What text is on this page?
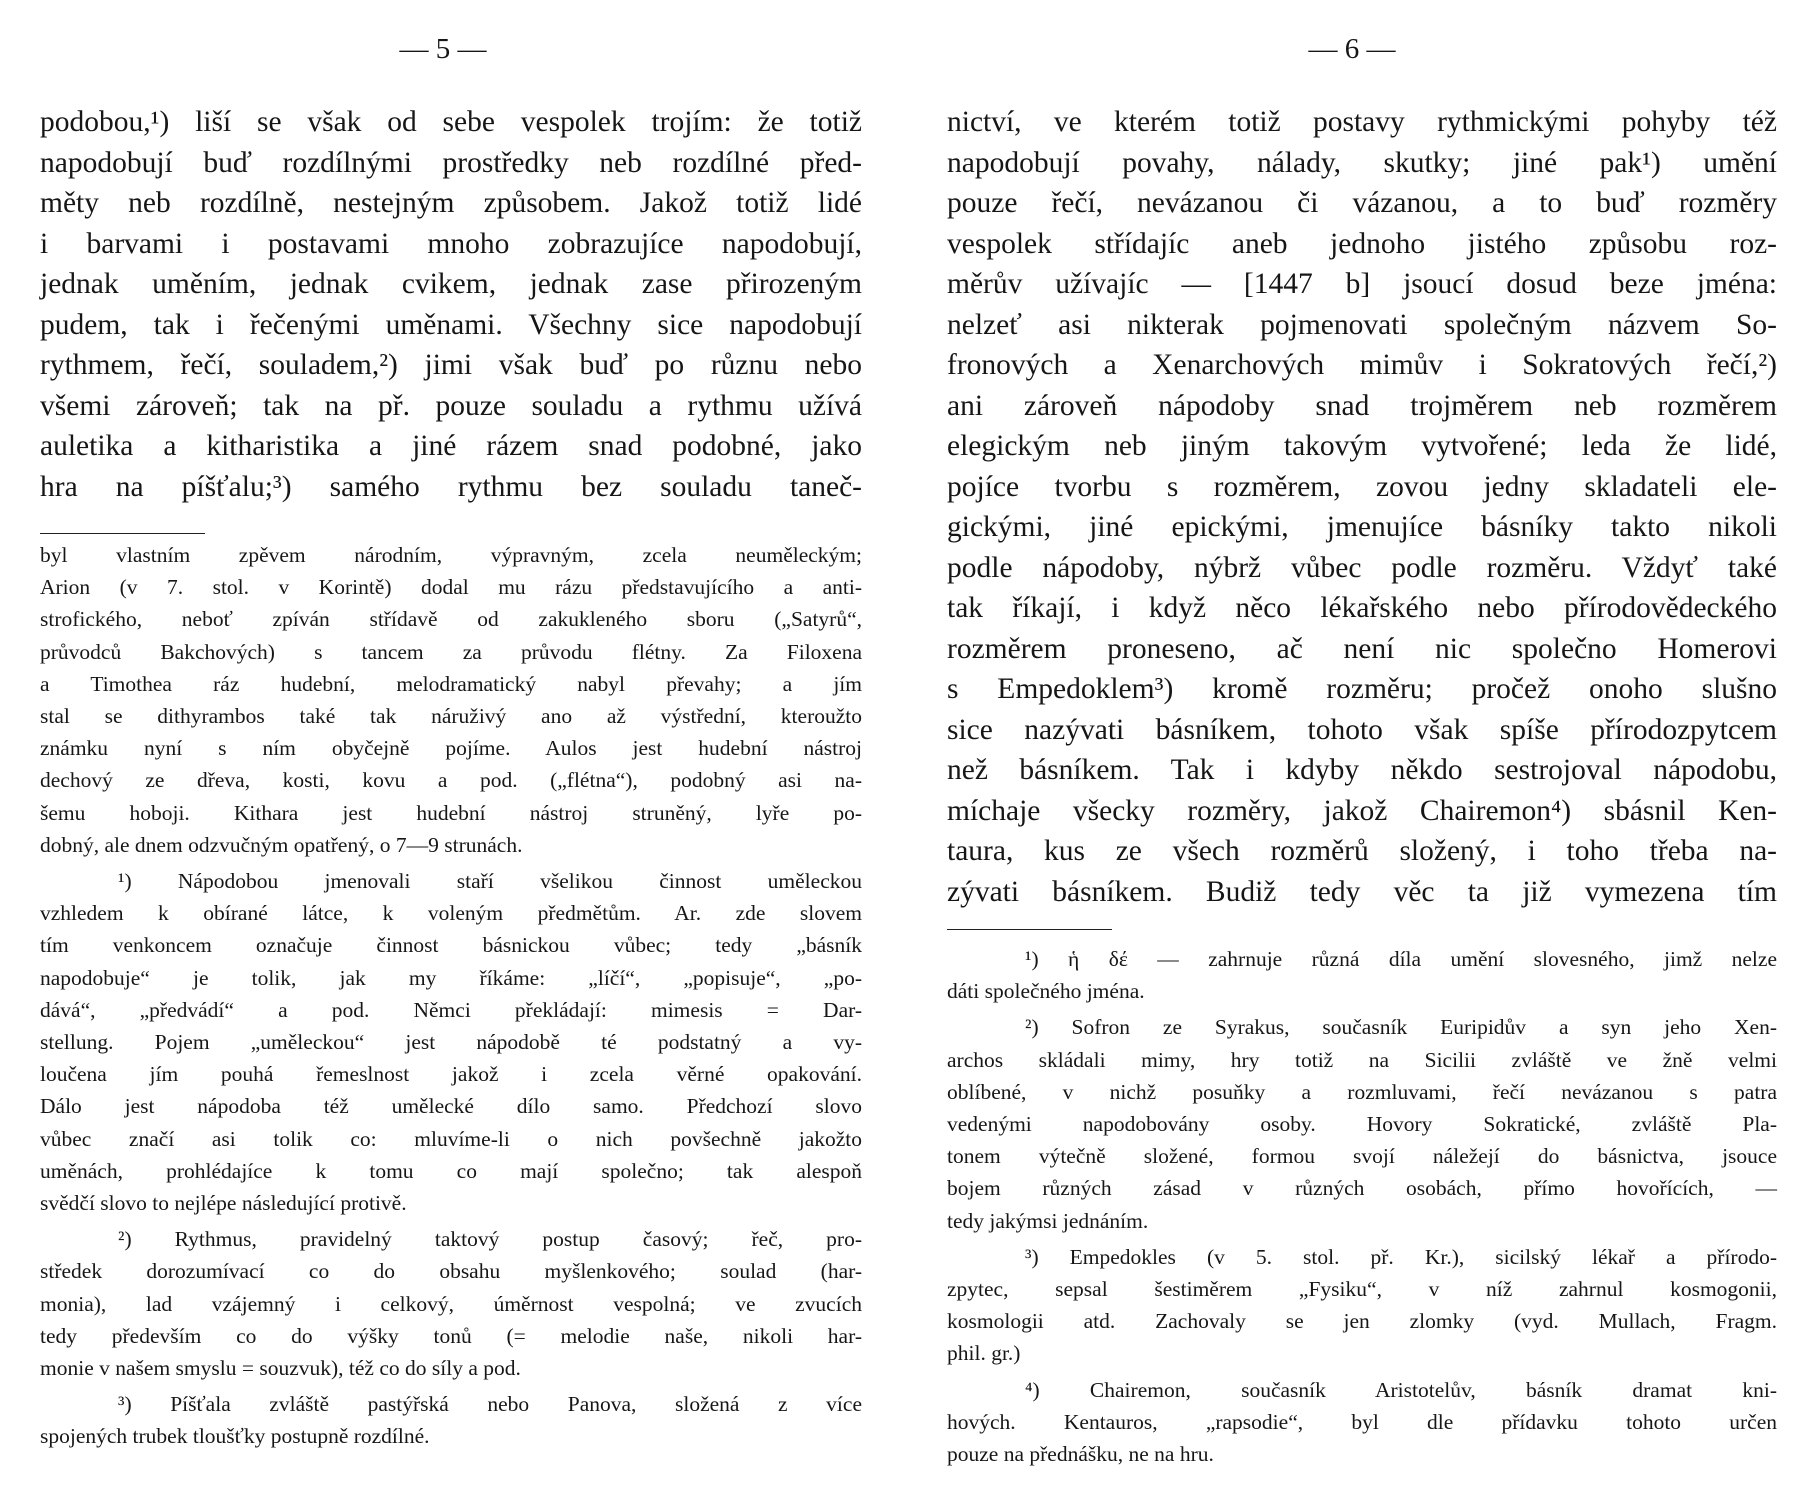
— 5 —
podobou,¹) liší se však od sebe vespolek trojím: že totiž
napodobují buď rozdílnými prostředky neb rozdílné před-
měty neb rozdílně, nestejným způsobem. Jakož totiž lidé
i barvami i postavami mnoho zobrazujíce napodobují,
jednak uměním, jednak cvikem, jednak zase přirozeným
pudem, tak i řečenými uměnami. Všechny sice napodobují
rythmem, řečí, souladem,²) jimi však buď po různu nebo
všemi zároveň; tak na př. pouze souladu a rythmu užívá
auletika a kitharistika a jiné rázem snad podobné, jako
hra na píšťalu;³) samého rythmu bez souladu taneč-
byl vlastním zpěvem národním, výpravným, zcela neuměleckým;
Arion (v 7. stol. v Korintě) dodal mu rázu představujícího a anti-
strofického, neboť zpíván střídavě od zakukleného sboru („Satyrů“,
průvodců Bakchových) s tancem za průvodu flétny. Za Filoxena
a Timothea ráz hudební, melodramatický nabyl převahy; a jím
stal se dithyrambos také tak náruživý ano až výstřední, kteroužto
známku nyní s ním obyčejně pojíme. Aulos jest hudební nástroj
dechový ze dřeva, kosti, kovu a pod. („flétna“), podobný asi na-
šemu hoboji. Kithara jest hudební nástroj struněný, lyře po-
dobný, ale dnem odzvučným opatřený, o 7—9 strunách.
¹) Nápodobou jmenovali staří všelikou činnost uměleckou
vzhledem k obírané látce, k voleným předmětům. Ar. zde slovem
tím venkoncem označuje činnost básnickou vůbec; tedy „básník
napodobuje“ je tolik, jak my říkáme: „líčí“, „popisuje“, „po-
dává“, „předvádí“ a pod. Němci překládají: mimesis = Dar-
stellung. Pojem „uměleckou“ jest nápodobě té podstatný a vy-
loučena jím pouhá řemeslnost jakož i zcela věrné opakování.
Dálo jest nápodoba též umělecké dílo samo. Předchozí slovo
vůbec značí asi tolik co: mluvíme-li o nich povšechně jakožto
uměnách, prohlédajíce k tomu co mají společno; tak alespoň
svědčí slovo to nejlépe následující protivě.
²) Rythmus, pravidelný taktový postup časový; řeč, pro-
středek dorozumívací co do obsahu myšlenkového; soulad (har-
monia), lad vzájemný i celkový, úměrnost vespolná; ve zvucích
tedy především co do výšky tonů (= melodie naše, nikoli har-
monie v našem smyslu = souzvuk), též co do síly a pod.
³) Píšťala zvláště pastýřská nebo Panova, složená z více
spojených trubek tloušťky postupně rozdílné.
— 6 —
nictví, ve kterém totiž postavy rythmickými pohyby též
napodobují povahy, nálady, skutky; jiné pak¹) umění
pouze řečí, nevázanou či vázanou, a to buď rozměry
vespolek střídajíc aneb jednoho jistého způsobu roz-
měrův užívajíc — [1447 b] jsoucí dosud beze jména:
nelzeť asi nikterak pojmenovati společným názvem So-
fronových a Xenarchových mimův i Sokratových řečí,²)
ani zároveň nápodoby snad trojměrem neb rozměrem
elegickým neb jiným takovým vytvořené; leda že lidé,
pojíce tvorbu s rozměrem, zovou jedny skladateli ele-
gickými, jiné epickými, jmenujíce básníky takto nikoli
podle nápodoby, nýbrž vůbec podle rozměru. Vždyť také
tak říkají, i když něco lékařského nebo přírodovědeckého
rozměrem proneseno, ač není nic společno Homerovi
s Empedoklem³) kromě rozměru; pročež onoho slušno
sice nazývati básníkem, tohoto však spíše přírodozpytcem
než básníkem. Tak i kdyby někdo sestrojoval nápodobu,
míchaje všecky rozměry, jakož Chairemon⁴) sbásnil Ken-
taura, kus ze všech rozměrů složený, i toho třeba na-
zývati básníkem. Budiž tedy věc ta již vymezena tím
¹) ἡ δέ — zahrnuje různá díla umění slovesného, jimž nelze
dáti společného jména.
²) Sofron ze Syrakus, současník Euripidův a syn jeho Xen-
archos skládali mimy, hry totiž na Sicilii zvláště ve žně velmi
oblíbené, v nichž posuňky a rozmluvami, řečí nevázanou s patra
vedenými napodobovány osoby. Hovory Sokratické, zvláště Pla-
tonem výtečně složené, formou svojí náležejí do básnictva, jsouce
bojem různých zásad v různých osobách, přímo hovořících, —
tedy jakýmsi jednáním.
³) Empedokles (v 5. stol. př. Kr.), sicilský lékař a přírodo-
zpytec, sepsal šestiměrem „Fysiku“, v níž zahrnul kosmogonii,
kosmologii atd. Zachovaly se jen zlomky (vyd. Mullach, Fragm.
phil. gr.)
⁴) Chairemon, současník Aristotelův, básník dramat kni-
hových. Kentauros, „rapsodie“, byl dle přídavku tohoto určen
pouze na přednášku, ne na hru.
